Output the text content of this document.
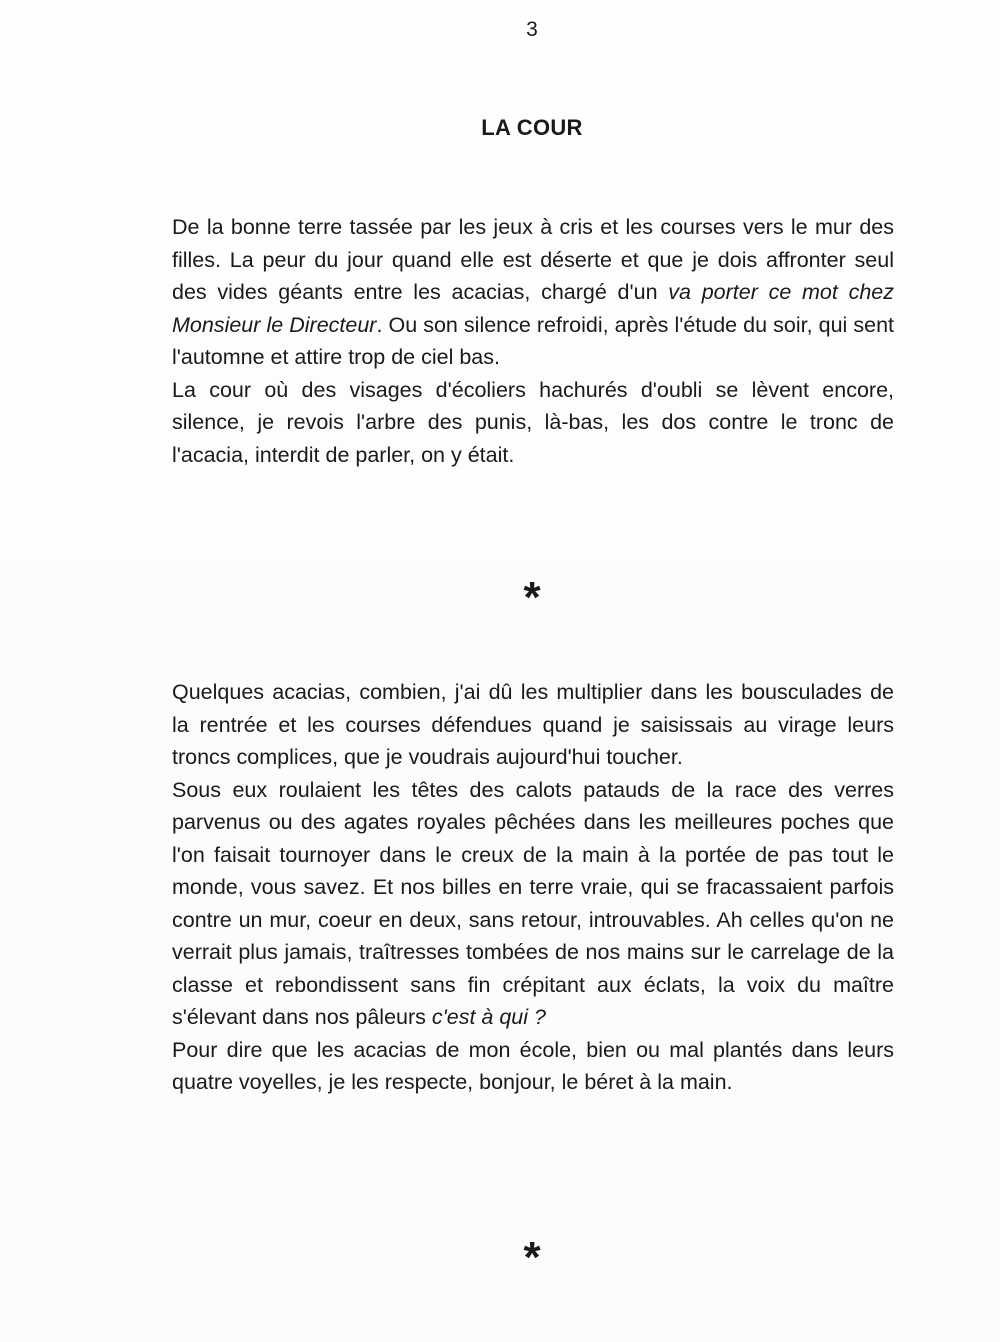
3
LA COUR

De la bonne terre tassée par les jeux à cris et les courses vers le mur des filles. La peur du jour quand elle est déserte et que je dois affronter seul des vides géants entre les acacias, chargé d'un va porter ce mot chez Monsieur le Directeur. Ou son silence refroidi, après l'étude du soir, qui sent l'automne et attire trop de ciel bas.

La cour où des visages d'écoliers hachurés d'oubli se lèvent encore, silence, je revois l'arbre des punis, là-bas, les dos contre le tronc de l'acacia, interdit de parler, on y était.

*

Quelques acacias, combien, j'ai dû les multiplier dans les bousculades de la rentrée et les courses défendues quand je saisissais au virage leurs troncs complices, que je voudrais aujourd'hui toucher.

Sous eux roulaient les têtes des calots patauds de la race des verres parvenus ou des agates royales pêchées dans les meilleures poches que l'on faisait tournoyer dans le creux de la main à la portée de pas tout le monde, vous savez. Et nos billes en terre vraie, qui se fracassaient parfois contre un mur, coeur en deux, sans retour, introuvables. Ah celles qu'on ne verrait plus jamais, traîtresses tombées de nos mains sur le carrelage de la classe et rebondissent sans fin crépitant aux éclats, la voix du maître s'élevant dans nos pâleurs c'est à qui ?

Pour dire que les acacias de mon école, bien ou mal plantés dans leurs quatre voyelles, je les respecte, bonjour, le béret à la main.

*
